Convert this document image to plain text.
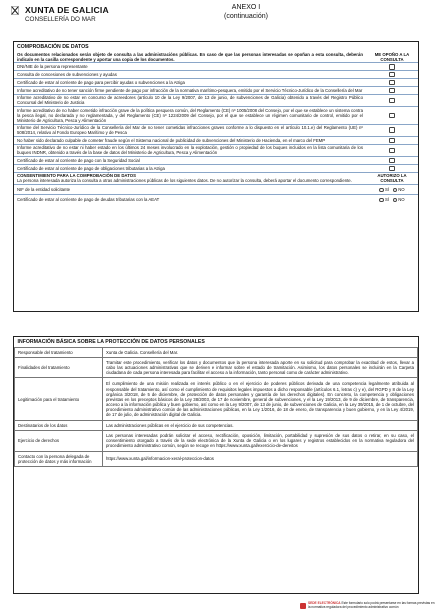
XUNTA DE GALICIA
CONSELLERÍA DO MAR
ANEXO I
(continuación)
COMPROBACIÓN DE DATOS	
Os documentos relacionados serán objeto de consulta a las administracións públicas. En caso de que las personas interesadas se opoñan a esta consulta, deberán indicalo en la casilla correspondente y aportar una copia de los documentos.	ME OPOÑO A LA CONSULTA
DNI/NIE de la persona representante	
Consulta de concesiones de subvenciones y ayudas	
Certificado de estar al corriente de pago para percibir ayudas o subvenciones a la Atriga	
Informe acreditativo de no tener sanción firme pendiente de pago por infracción de la normativa marítimo-pesquera, emitido por el Servicio Técnico-Jurídico de la Consellería del Mar	
Informe acreditativo de no estar en concurso de acreedores (artículo 10 de la Ley 9/2007, de 13 de junio, de subvenciones de Galicia) obtenido a través del Registro Público Concursal del Ministerio de Justicia	
Informe acreditativo de no haber cometido infracción grave de la política pesquera común, del Reglamento (CE) nº 1005/2008 del Consejo, por el que se establece un sistema contra la pesca ilegal, no declarada y no reglamentada, y del Reglamento (CE) nº 1224/2009 del Consejo, por el que se establece un régimen comunitario de control, emitido por el Ministerio de Agricultura, Pesca y Alimentación	
Informe del Servicio Técnico-Jurídico de la Consellería del Mar de no tener cometidas infracciones graves conforme a lo dispuesto en el artículo 10.1.e) del Reglamento (UE) nº 508/2014, relativo al Fondo Europeo Marítimo y de Pesca	
No haber sido declarado culpable de cometer fraude según el Sistema nacional de publicidad de subvenciones del Ministerio de Hacienda, en el marco del FEMP	
Informe acreditativo de no estar ni haber estado en los últimos 24 meses involucrado en la explotación, gestión o propiedad de los buques incluidos en la lista comunitaria de los buques INDNR, obtenido a través de la base de datos del Ministerio de Agricultura, Pesca y Alimentación	
Certificado de estar al corriente de pago con la Seguridad Social	
Certificado de estar al corriente de pago de obligaciones tributarias a la Atriga	

CONSENTIMIENTO PARA LA COMPROBACIÓN DE DATOS
La persona interesada autoriza la consulta a otras administraciones públicas de los siguientes datos. De no autorizar la consulta, deberá aportar el documento correspondiente.	AUTORIZO LA CONSULTA
NIF de la entidad solicitante	SÍ NO
Certificado de estar al corriente de pago de deudas tributarias con la AEAT	SÍ NO
INFORMACIÓN BÁSICA SOBRE LA PROTECCIÓN DE DATOS PERSONALES	
Responsable del tratamiento	Xunta de Galicia. Consellería del Mar.
Finalidades del tratamiento	Tramitar este procedimiento, verificar los datos y documentos que la persona interesada aporte en su solicitud para comprobar la exactitud de estos, llevar a cabo las actuaciones administrativas que se deriven e informar sobre el estado de tramitación. Asimismo, los datos personales se incluirán en la Carpeta ciudadana de cada persona interesada para facilitar el acceso a la información, tanto personal como de carácter administrativo.
Legitimación para el tratamiento	El cumplimiento de una misión realizada en interés público o en el ejercicio de poderes públicos derivada de una competencia legalmente atribuida al responsable del tratamiento, así como el cumplimiento de requisitos legales impuestos a dicho responsable (artículos 6.1, letras c) y e), del RGPD y 8 de la Ley orgánica 3/2018, de 5 de diciembre, de protección de datos personales y garantía de los derechos digitales). En concreto, la competencia y obligaciones previstas en los preceptos básicos de la Ley 38/2003, de 17 de noviembre, general de subvenciones, y el la Ley 19/2013, de 9 de diciembre, de transparencia, acceso a la información pública y buen gobierno, así como en la Ley 9/2007, de 13 de junio, de subvenciones de Galicia, en la Ley 39/2015, de 1 de octubre, del procedimiento administrativo común de las administraciones públicas, en la Ley 1/2016, de 18 de enero, de transparencia y buen gobierno, y en la Ley 4/2019, de 17 de julio, de administración digital de Galicia.
Destinatarios de los datos	Las administraciones públicas en el ejercicio de sus competencias.
Ejercicio de derechos	Las personas interesadas podrán solicitar el acceso, rectificación, oposición, limitación, portabilidad y supresión de sus datos o retirar, en su caso, el consentimiento otorgado a través de la sede electrónica de la Xunta de Galicia o en los lugares y registros establecidos en la normativa reguladora del procedimiento administrativo común, según se recoge en https://www.xunta.gal/exercicio-de-dereitos
Contacto con la persona delegada de protección de datos y más información	https://www.xunta.gal/informacion-xeral-proteccion-datos
SEDE ELECTRÓNICA Este formulario solo podrá presentarse en las formas previstas en la normativa reguladora del procedimiento administrativo común
